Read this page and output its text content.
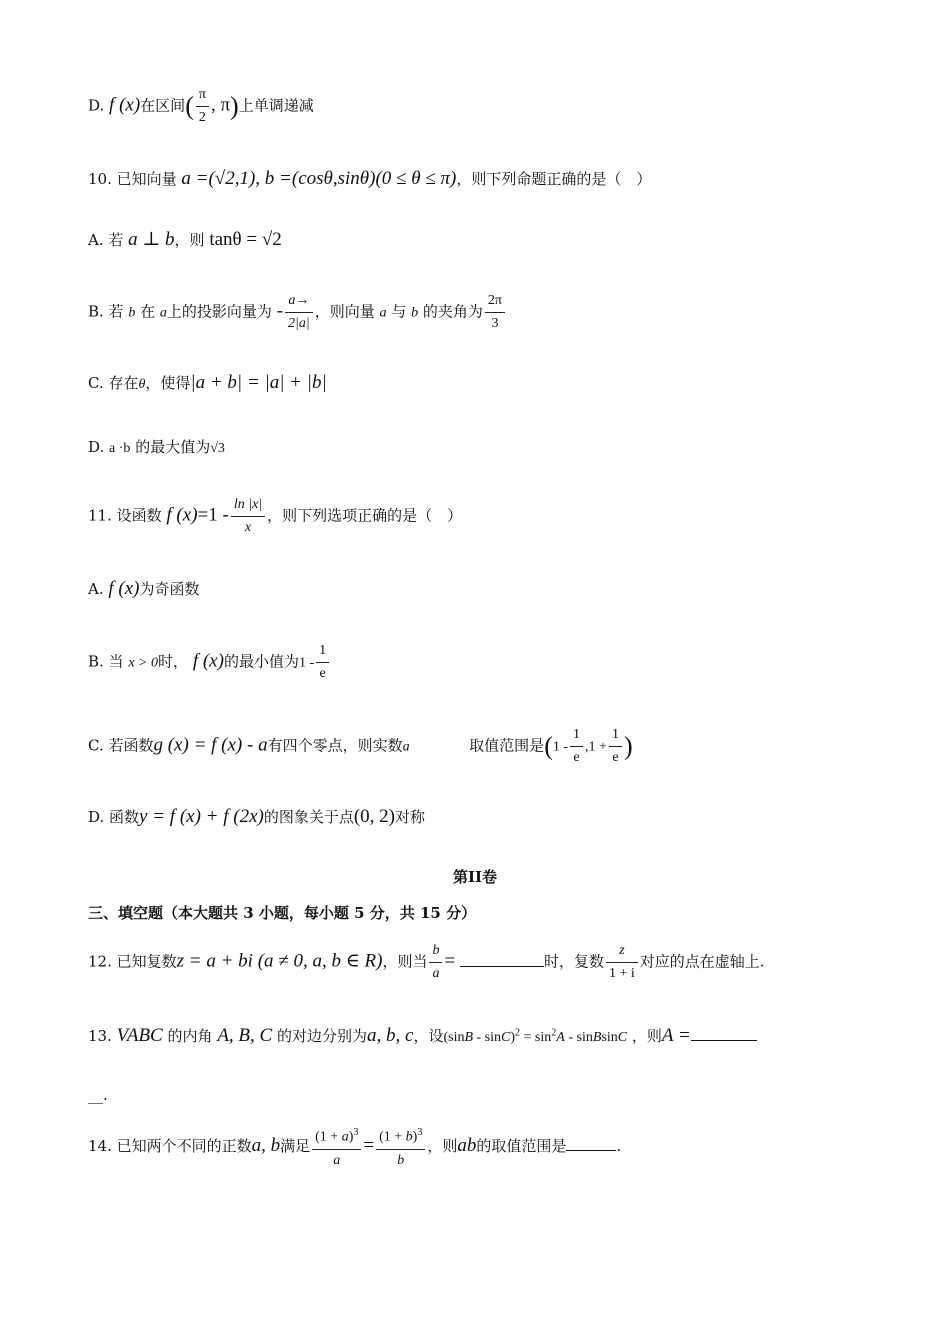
D. f (x)在区间( $\frac{\pi}{2}$ , π)上单调递减
10. 已知向量 a =(√2,1), b =(cosθ,sinθ)(0 ≤ θ ≤ π)，则下列命题正确的是（　）
A. 若 a ⊥ b，则 tanθ = √2
B. 若 b 在 a上的投影向量为 - $\frac{a\to}{2|a|}$ ，则向量 a 与 b 的夹角为 $\frac{2\pi}{3}$
C. 存在θ，使得|a + b| = |a| + |b|
D. a ·b 的最大值为√3
11. 设函数 f $(x)=1 - \frac{\ln |x|}{x}$ ，则下列选项正确的是（　）
A. f (x)为奇函数
B. 当 x > 0时， f (x)的最小值为$1 - \frac{1}{e}$
C. 若函数g (x) = f (x) - a有四个零点，则实数a	取值范围是($1 - \frac{1}{e} ,1 + \frac{1}{e}$ )
D. 函数y = f (x) + f (2x)的图象关于点(0, 2)对称
第II卷
三、填空题（本大题共 3 小题，每小题 5 分，共 15 分）
12. 已知复数z = a + bi (a ≠ 0, a, b ∈ R)，则当 $\frac{b}{a}$ =	时，复数 $\frac{z}{1 + i}$ 对应的点在虚轴上.
13. VABC 的内角 A, B, C 的对边分别为a, b, c，设$(\sin B - \sin C)^2 = \sin^2A$ - sinBsinC ，则A =
__.
14. 已知两个不同的正数a, b满足 $\frac{(1 + a)^3}{a} = \frac{(1 + b)^3}{b}$ ，则ab的取值范围是	.
